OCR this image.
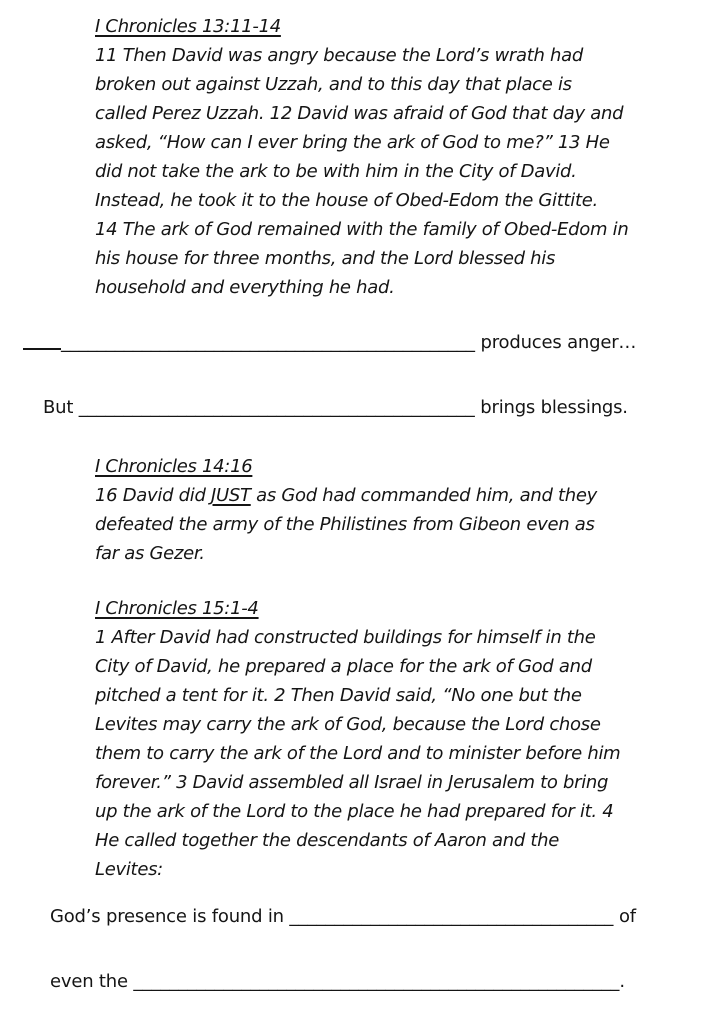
I Chronicles 13:11-14
11 Then David was angry because the Lord’s wrath had
broken out against Uzzah, and to this day that place is
called Perez Uzzah. 12 David was afraid of God that day and
asked, “How can I ever bring the ark of God to me?” 13 He
did not take the ark to be with him in the City of David.
Instead, he took it to the house of Obed-Edom the Gittite.
14 The ark of God remained with the family of Obed-Edom in
his house for three months, and the Lord blessed his
household and everything he had.
______________________________________________ produces anger…
But ____________________________________________ brings blessings.
I Chronicles 14:16
16 David did JUST as God had commanded him, and they
defeated the army of the Philistines from Gibeon even as
far as Gezer.
I Chronicles 15:1-4
1 After David had constructed buildings for himself in the
City of David, he prepared a place for the ark of God and
pitched a tent for it. 2 Then David said, “No one but the
Levites may carry the ark of God, because the Lord chose
them to carry the ark of the Lord and to minister before him
forever.” 3 David assembled all Israel in Jerusalem to bring
up the ark of the Lord to the place he had prepared for it. 4
He called together the descendants of Aaron and the
Levites:
God’s presence is found in ____________________________________ of
even the ______________________________________________________.
